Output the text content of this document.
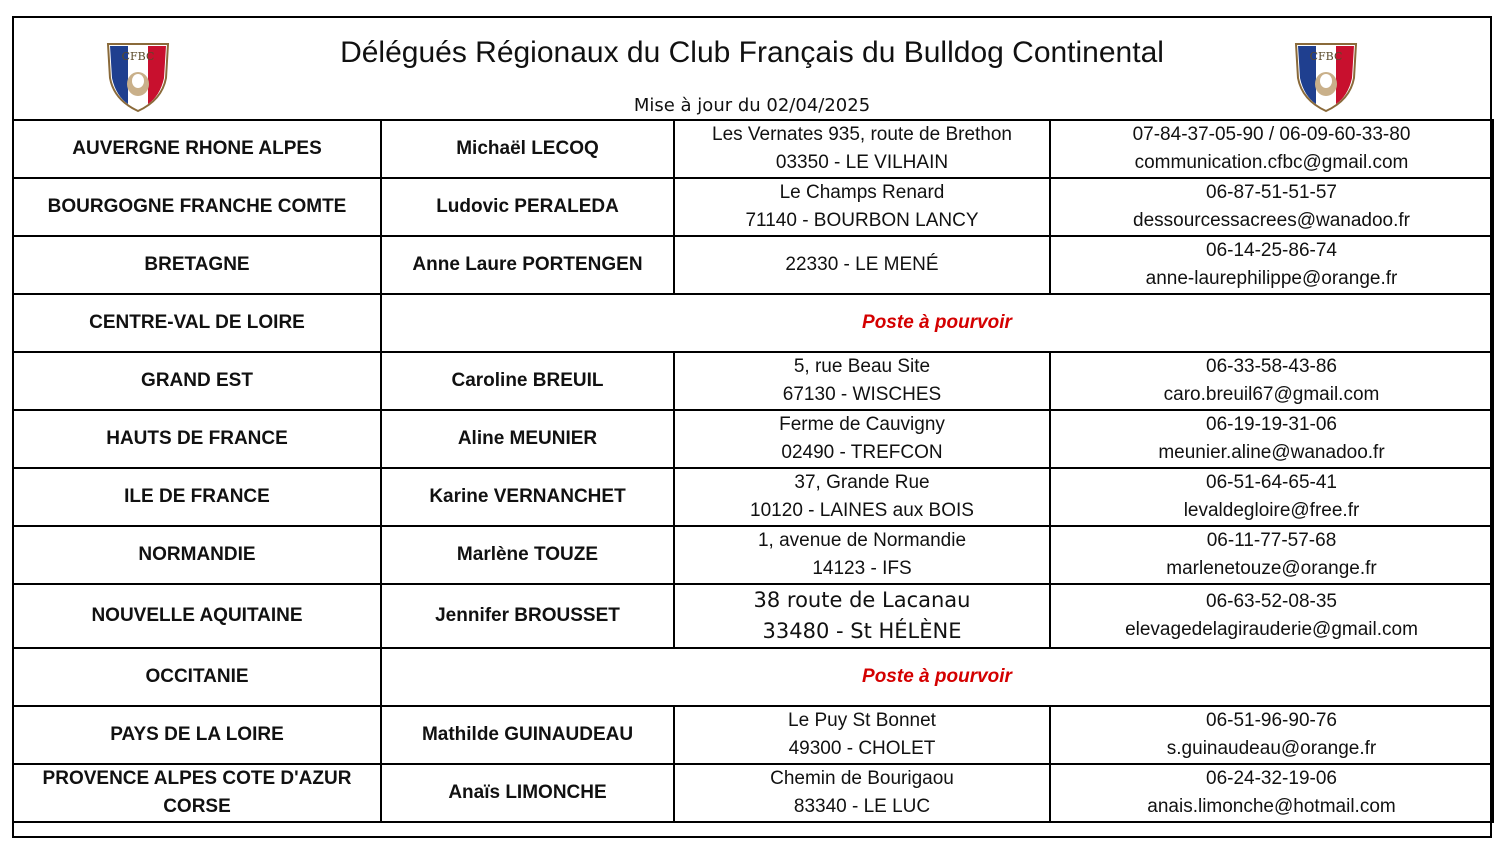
CFBC	Délégués Régionaux du Club Français du Bulldog Continental
Mise à jour du 02/04/2025
CFBC
AUVERGNE RHONE ALPES	Michaël LECOQ	Les Vernates 935, route de Brethon
03350 - LE VILHAIN	07-84-37-05-90 / 06-09-60-33-80
communication.cfbc@gmail.com

BOURGOGNE FRANCHE COMTE	Ludovic PERALEDA	Le Champs Renard
71140 - BOURBON LANCY	06-87-51-51-57
dessourcessacrees@wanadoo.fr

BRETAGNE	Anne Laure PORTENGEN	22330 - LE MENÉ	06-14-25-86-74
anne-laurephilippe@orange.fr

CENTRE-VAL DE LOIRE	Poste à pourvoir		
GRAND EST	Caroline BREUIL	5, rue Beau Site
67130 - WISCHES	06-33-58-43-86
caro.breuil67@gmail.com

HAUTS DE FRANCE	Aline MEUNIER	Ferme de Cauvigny
02490 - TREFCON	06-19-19-31-06
meunier.aline@wanadoo.fr

ILE DE FRANCE	Karine VERNANCHET	37, Grande Rue
10120 - LAINES aux BOIS	06-51-64-65-41
levaldegloire@free.fr

NORMANDIE	Marlène TOUZE	1, avenue de Normandie
14123 - IFS	06-11-77-57-68
marlenetouze@orange.fr

NOUVELLE AQUITAINE	Jennifer BROUSSET	38 route de Lacanau
33480 - St HÉLÈNE	06-63-52-08-35
elevagedelagirauderie@gmail.com

OCCITANIE	Poste à pourvoir		
PAYS DE LA LOIRE	Mathilde GUINAUDEAU	Le Puy St Bonnet
49300 - CHOLET	06-51-96-90-76
s.guinaudeau@orange.fr

PROVENCE ALPES COTE D'AZUR
CORSE	Anaïs LIMONCHE	Chemin de Bourigaou
83340 - LE LUC	06-24-32-19-06
anais.limonche@hotmail.com
